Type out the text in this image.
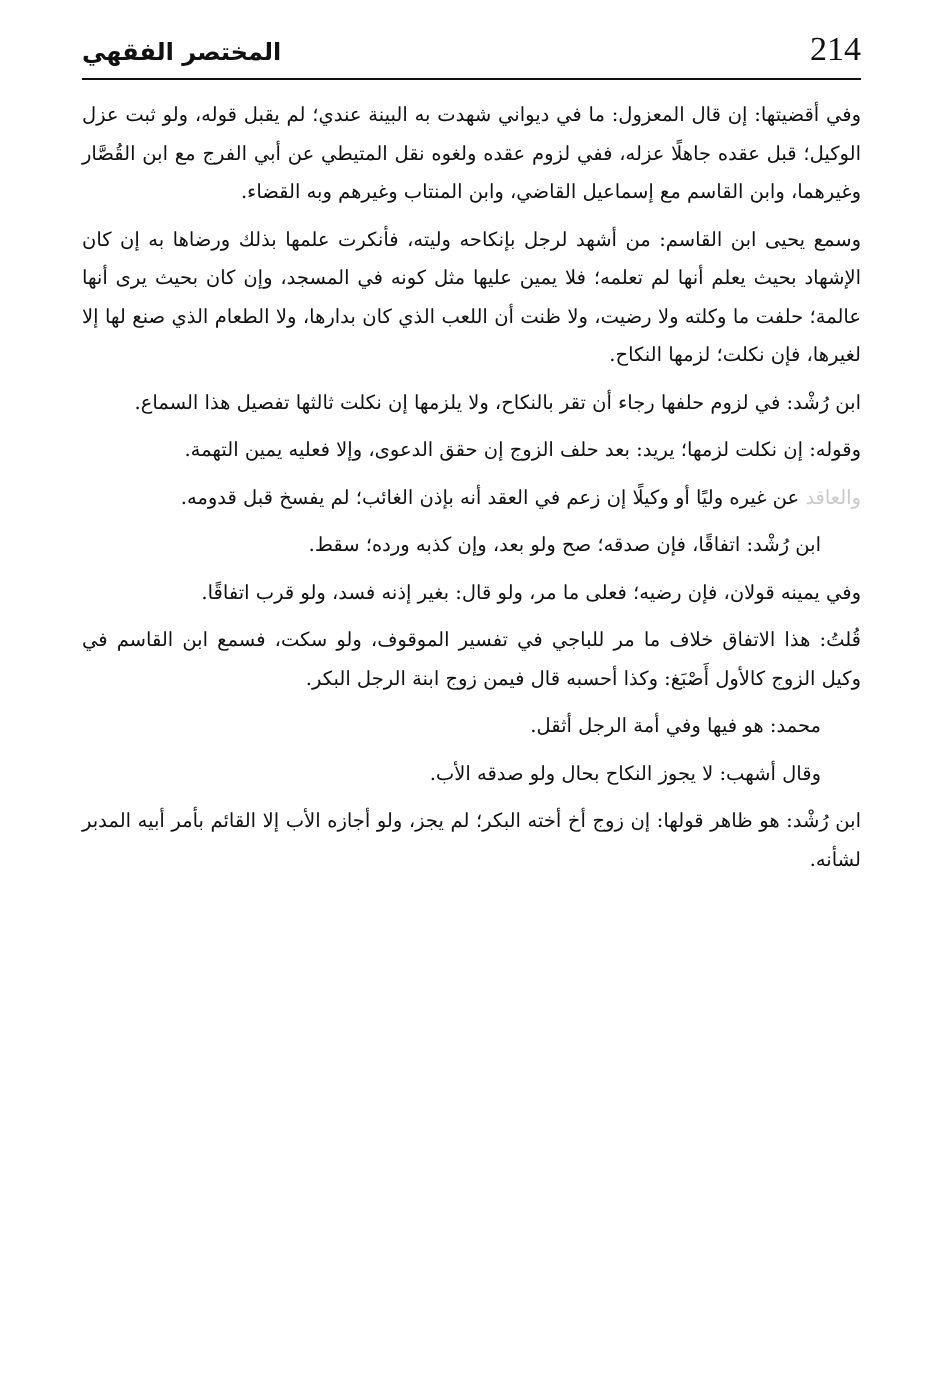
214
المختصر الفقهي

وفي أقضيتها: إن قال المعزول: ما في ديواني شهدت به البينة عندي؛ لم يقبل قوله، ولو ثبت عزل الوكيل؛ قبل عقده جاهلًا عزله، ففي لزوم عقده ولغوه نقل المتيطي عن أبي الفرج مع ابن القُصَّار وغيرهما، وابن القاسم مع إسماعيل القاضي، وابن المنتاب وغيرهم وبه القضاء.

وسمع يحيى ابن القاسم: من أشهد لرجل بإنكاحه وليته، فأنكرت علمها بذلك ورضاها به إن كان الإشهاد بحيث يعلم أنها لم تعلمه؛ فلا يمين عليها مثل كونه في المسجد، وإن كان بحيث يرى أنها عالمة؛ حلفت ما وكلته ولا رضيت، ولا ظنت أن اللعب الذي كان بدارها، ولا الطعام الذي صنع لها إلا لغيرها، فإن نكلت؛ لزمها النكاح.

ابن رُشْد: في لزوم حلفها رجاء أن تقر بالنكاح، ولا يلزمها إن نكلت ثالثها تفصيل هذا السماع.

وقوله: إن نكلت لزمها؛ يريد: بعد حلف الزوج إن حقق الدعوى، وإلا فعليه يمين التهمة.

والعاقد عن غيره وليًا أو وكيلًا إن زعم في العقد أنه بإذن الغائب؛ لم يفسخ قبل قدومه.

ابن رُشْد: اتفاقًا، فإن صدقه؛ صح ولو بعد، وإن كذبه ورده؛ سقط.

وفي يمينه قولان، فإن رضيه؛ فعلى ما مر، ولو قال: بغير إذنه فسد، ولو قرب اتفاقًا.

قُلتُ: هذا الاتفاق خلاف ما مر للباجي في تفسير الموقوف، ولو سكت، فسمع ابن القاسم في وكيل الزوج كالأول أَصْبَغ: وكذا أحسبه قال فيمن زوج ابنة الرجل البكر.

محمد: هو فيها وفي أمة الرجل أثقل.

وقال أشهب: لا يجوز النكاح بحال ولو صدقه الأب.

ابن رُشْد: هو ظاهر قولها: إن زوج أخ أخته البكر؛ لم يجز، ولو أجازه الأب إلا القائم بأمر أبيه المدبر لشأنه.
